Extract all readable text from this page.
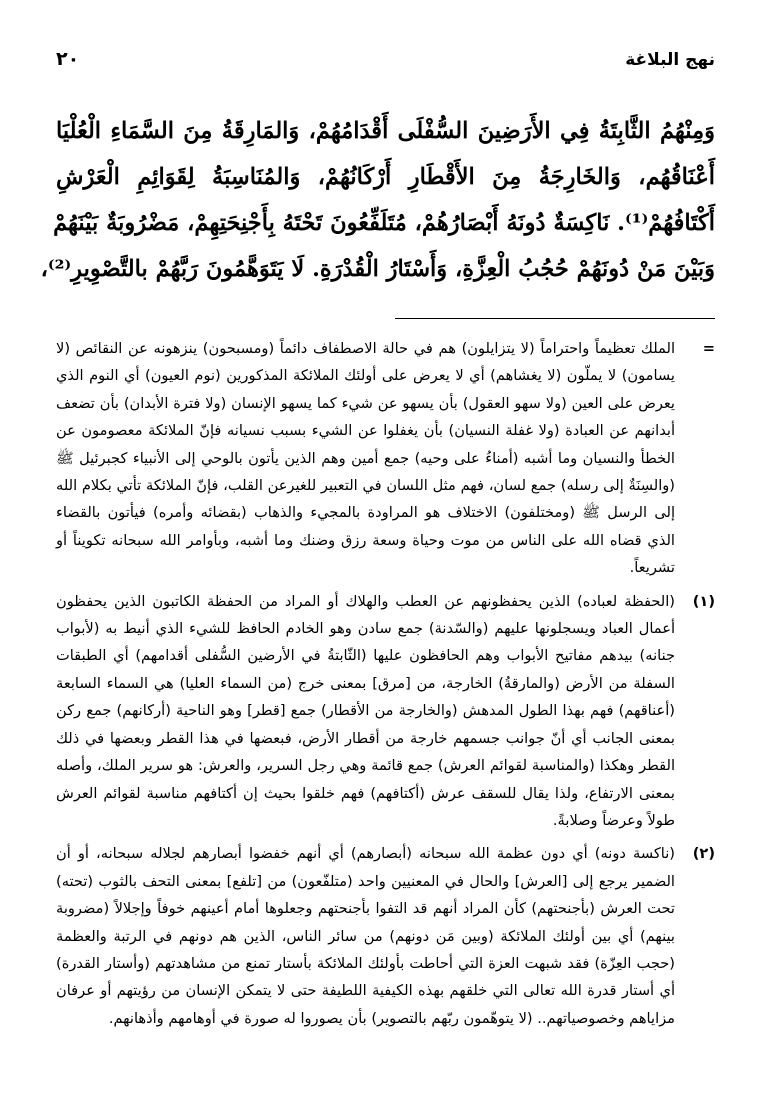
٢٠	نهج البلاغة
وَمِنْهُمُ الثَّابِتَةُ فِي الأَرَضِينَ السُّفْلَى أَقْدَامُهُمْ، وَالمَارِقَةُ مِنَ السَّمَاءِ الْعُلْيَا
أَعْنَاقُهُم، وَالخَارِجَةُ مِنَ الأَقْطَارِ أَرْكَانُهُمْ، وَالمُنَاسِبَةُ لِقَوَائِمِ الْعَرْشِ
أَكْتَافُهُمْ⁽¹⁾. نَاكِسَةٌ دُونَهُ أَبْصَارُهُمْ، مُتَلَفِّعُونَ تَحْتَهُ بِأَجْنِحَتِهِمْ، مَضْرُوبَةٌ بَيْنَهُمْ
وَبَيْنَ مَنْ دُونَهُمْ حُجُبُ الْعِزَّةِ، وَأَسْتَارُ الْقُدْرَةِ. لَا يَتَوَهَّمُونَ رَبَّهُمْ بالتَّصْوِيرِ⁽²⁾،
=
الملك تعظيماً واحتراماً (لا يتزايلون) هم في حالة الاصطفاف دائماً (ومسبحون) ينزهونه عن النقائص (لا يسامون) لا يملّون (لا يغشاهم) أي لا يعرض على أولئك الملائكة المذكورين (نوم العيون) أي النوم الذي يعرض على العين (ولا سهو العقول) بأن يسهو عن شيء كما يسهو الإنسان (ولا فترة الأبدان) بأن تضعف أبدانهم عن العبادة (ولا غفلة النسيان) بأن يغفلوا عن الشيء بسبب نسيانه فإنّ الملائكة معصومون عن الخطأ والنسيان وما أشبه (أمناءُ على وحيه) جمع أمين وهم الذين يأتون بالوحي إلى الأنبياء كجبرئيل ﷺ (والسِنَةٌ إلى رسله) جمع لسان، فهم مثل اللسان في التعبير للغيرعن القلب، فإنّ الملائكة تأتي بكلام الله إلى الرسل ﷺ (ومختلفون) الاختلاف هو المراودة بالمجيء والذهاب (بقضائه وأمره) فيأتون بالقضاء الذي قضاه الله على الناس من موت وحياة وسعة رزق وضنك وما أشبه، وبأوامر الله سبحانه تكويناً أو تشريعاً.
(١)
(الحفظة لعباده) الذين يحفظونهم عن العطب والهلاك أو المراد من الحفظة الكاتبون الذين يحفظون أعمال العباد ويسجلونها عليهم (والسّدنة) جمع سادن وهو الخادم الحافظ للشيء الذي أنيط به (لأبواب جنانه) بيدهم مفاتيح الأبواب وهم الحافظون عليها (الثّابتةُ في الأرضين السُّفلى أقدامهم) أي الطبقات السفلة من الأرض (والمارقةُ) الخارجة، من [مرق] بمعنى خرج (من السماء العليا) هي السماء السابعة (أعناقهم) فهم بهذا الطول المدهش (والخارجة من الأقطار) جمع [قطر] وهو الناحية (أركانهم) جمع ركن بمعنى الجانب أي أنّ جوانب جسمهم خارجة من أقطار الأرض، فبعضها في هذا القطر وبعضها في ذلك القطر وهكذا (والمناسبة لقوائم العرش) جمع قائمة وهي رجل السرير، والعرش: هو سرير الملك، وأصله بمعنى الارتفاع، ولذا يقال للسقف عرش (أكتافهم) فهم خلقوا بحيث إن أكتافهم مناسبة لقوائم العرش طولاً وعرضاً وصلابةً.
(٢)
(ناكسة دونه) أي دون عظمة الله سبحانه (أبصارهم) أي أنهم خفضوا أبصارهم لجلاله سبحانه، أو أن الضمير يرجع إلى [العرش] والحال في المعنيين واحد (متلفّعون) من [تلفع] بمعنى التحف بالثوب (تحته) تحت العرش (بأجنحتهم) كأن المراد أنهم قد التفوا بأجنحتهم وجعلوها أمام أعينهم خوفاً وإجلالاً (مضروبة بينهم) أي بين أولئك الملائكة (وبين مَن دونهم) من سائر الناس، الذين هم دونهم في الرتبة والعظمة (حجب العِزّة) فقد شبهت العزة التي أحاطت بأولئك الملائكة بأستار تمنع من مشاهدتهم (وأستار القدرة) أي أستار قدرة الله تعالى التي خلقهم بهذه الكيفية اللطيفة حتى لا يتمكن الإنسان من رؤيتهم أو عرفان مزاياهم وخصوصياتهم.. (لا يتوهّمون ربّهم بالتصوير) بأن يصوروا له صورة في أوهامهم وأذهانهم.
